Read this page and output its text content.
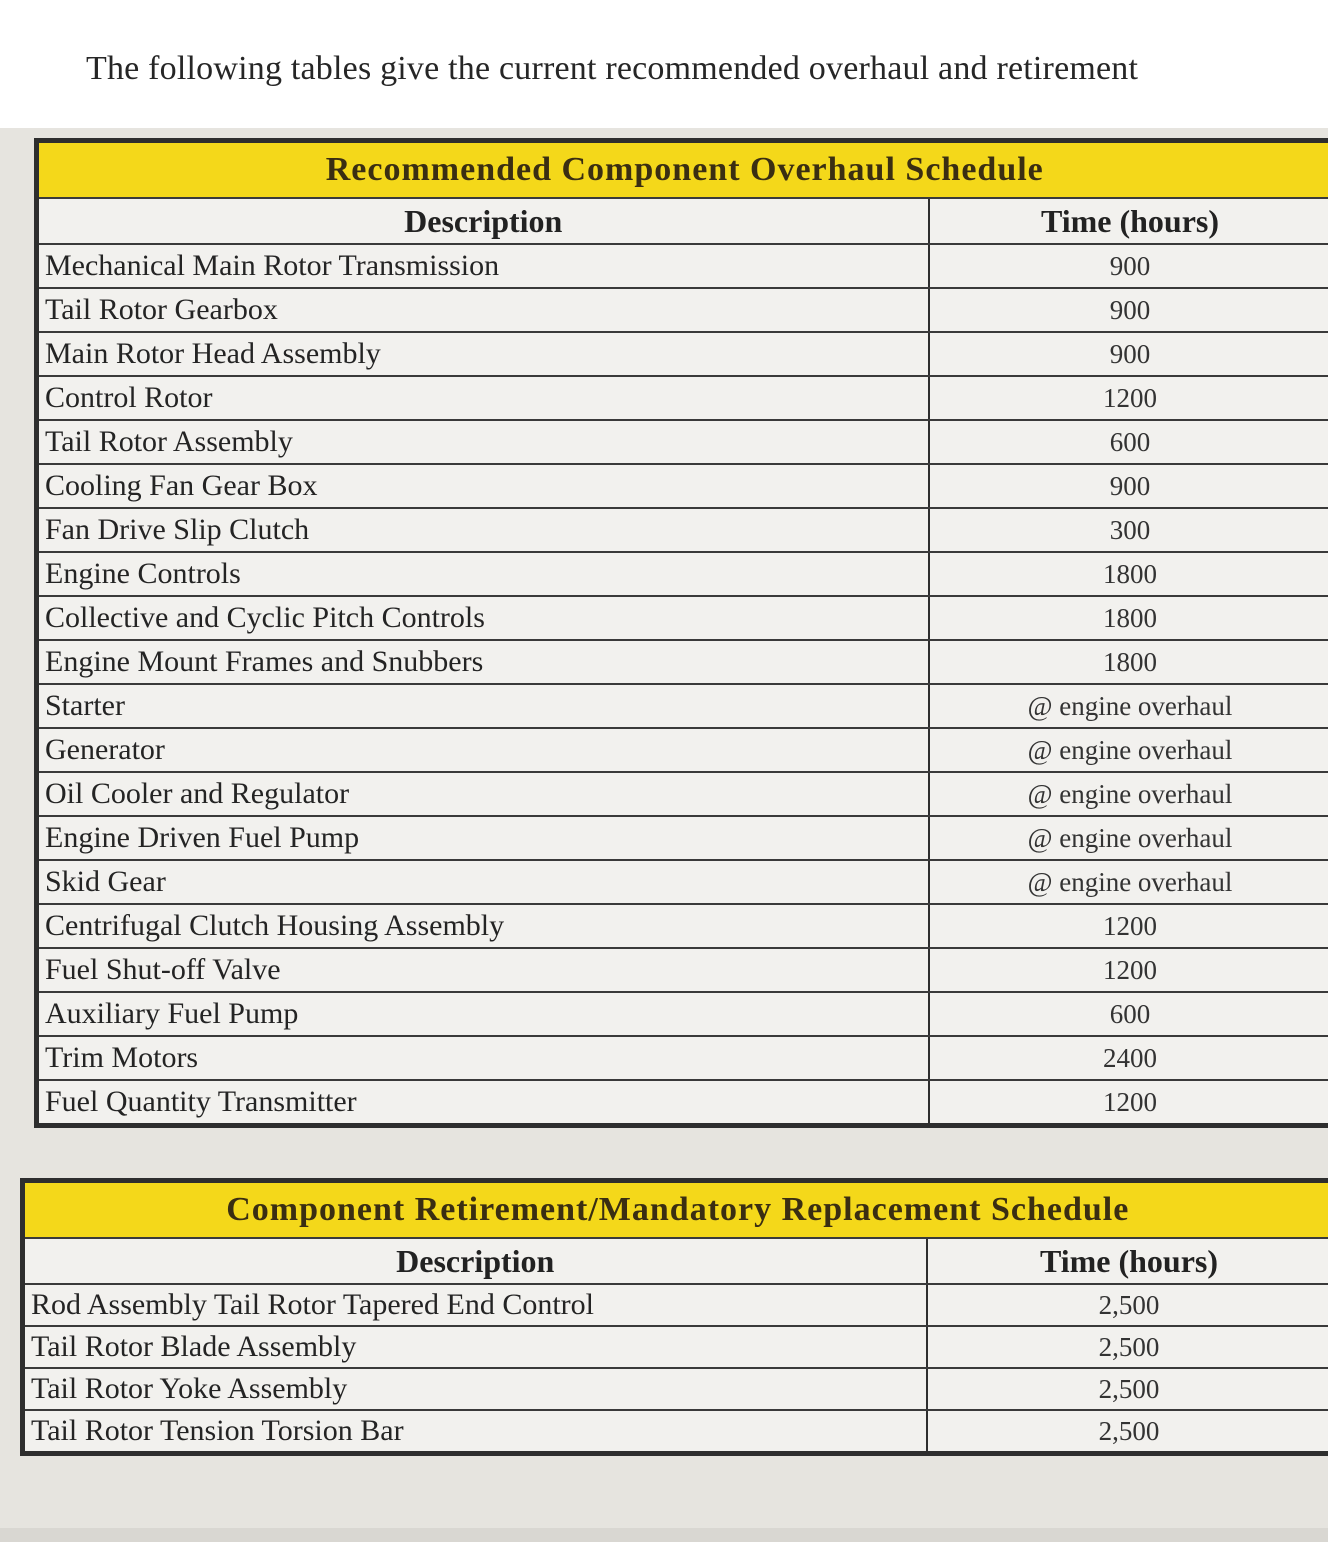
The following tables give the current recommended overhaul and retirement
Recommended Component Overhaul Schedule	
Description	Time (hours)
Mechanical Main Rotor Transmission	900
Tail Rotor Gearbox	900
Main Rotor Head Assembly	900
Control Rotor	1200
Tail Rotor Assembly	600
Cooling Fan Gear Box	900
Fan Drive Slip Clutch	300
Engine Controls	1800
Collective and Cyclic Pitch Controls	1800
Engine Mount Frames and Snubbers	1800
Starter	@ engine overhaul
Generator	@ engine overhaul
Oil Cooler and Regulator	@ engine overhaul
Engine Driven Fuel Pump	@ engine overhaul
Skid Gear	@ engine overhaul
Centrifugal Clutch Housing Assembly	1200
Fuel Shut-off Valve	1200
Auxiliary Fuel Pump	600
Trim Motors	2400
Fuel Quantity Transmitter	1200
Component Retirement/Mandatory Replacement Schedule	
Description	Time (hours)
Rod Assembly Tail Rotor Tapered End Control	2,500
Tail Rotor Blade Assembly	2,500
Tail Rotor Yoke Assembly	2,500
Tail Rotor Tension Torsion Bar	2,500
